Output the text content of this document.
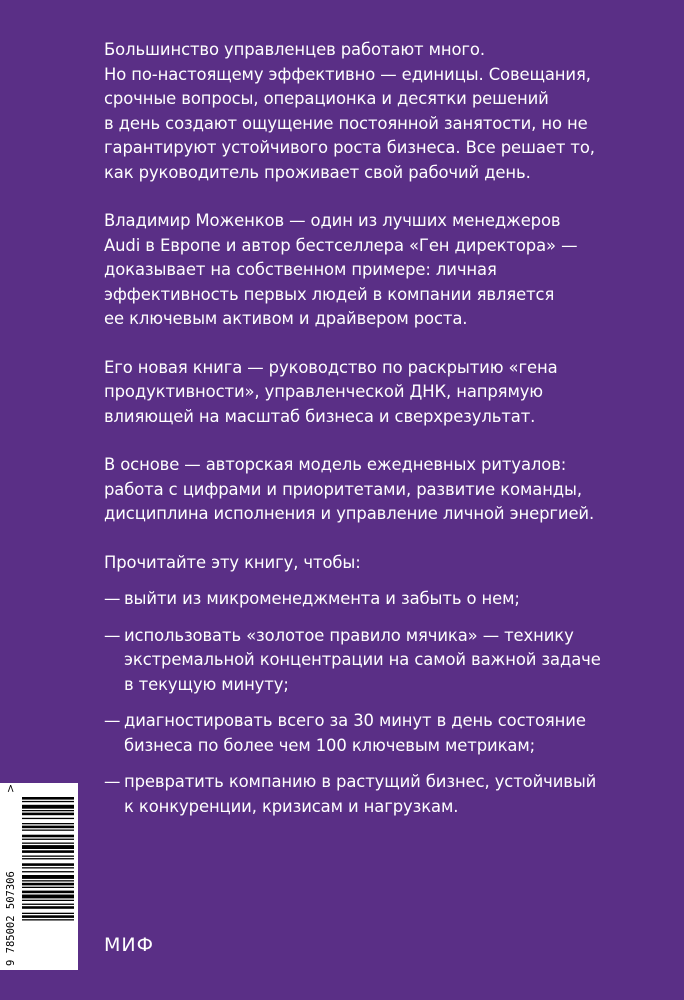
Большинство управленцев работают много.
Но по-настоящему эффективно — единицы. Совещания,
срочные вопросы, операционка и десятки решений
в день создают ощущение постоянной занятости, но не
гарантируют устойчивого роста бизнеса. Все решает то,
как руководитель проживает свой рабочий день.

Владимир Моженков — один из лучших менеджеров
Audi в Европе и автор бестселлера «Ген директора» —
доказывает на собственном примере: личная
эффективность первых людей в компании является
ее ключевым активом и драйвером роста.

Его новая книга — руководство по раскрытию «гена
продуктивности», управленческой ДНК, напрямую
влияющей на масштаб бизнеса и сверхрезультат.

В основе — авторская модель ежедневных ритуалов:
работа с цифрами и приоритетами, развитие команды,
дисциплина исполнения и управление личной энергией.

Прочитайте эту книгу, чтобы:

— выйти из микроменеджмента и забыть о нем;
— использовать «золотое правило мячика» — технику
экстремальной концентрации на самой важной задаче
в текущую минуту;
— диагностировать всего за 30 минут в день состояние
бизнеса по более чем 100 ключевым метрикам;
— превратить компанию в растущий бизнес, устойчивый
к конкуренции, кризисам и нагрузкам.
9 785002 507306
>
МИФ
